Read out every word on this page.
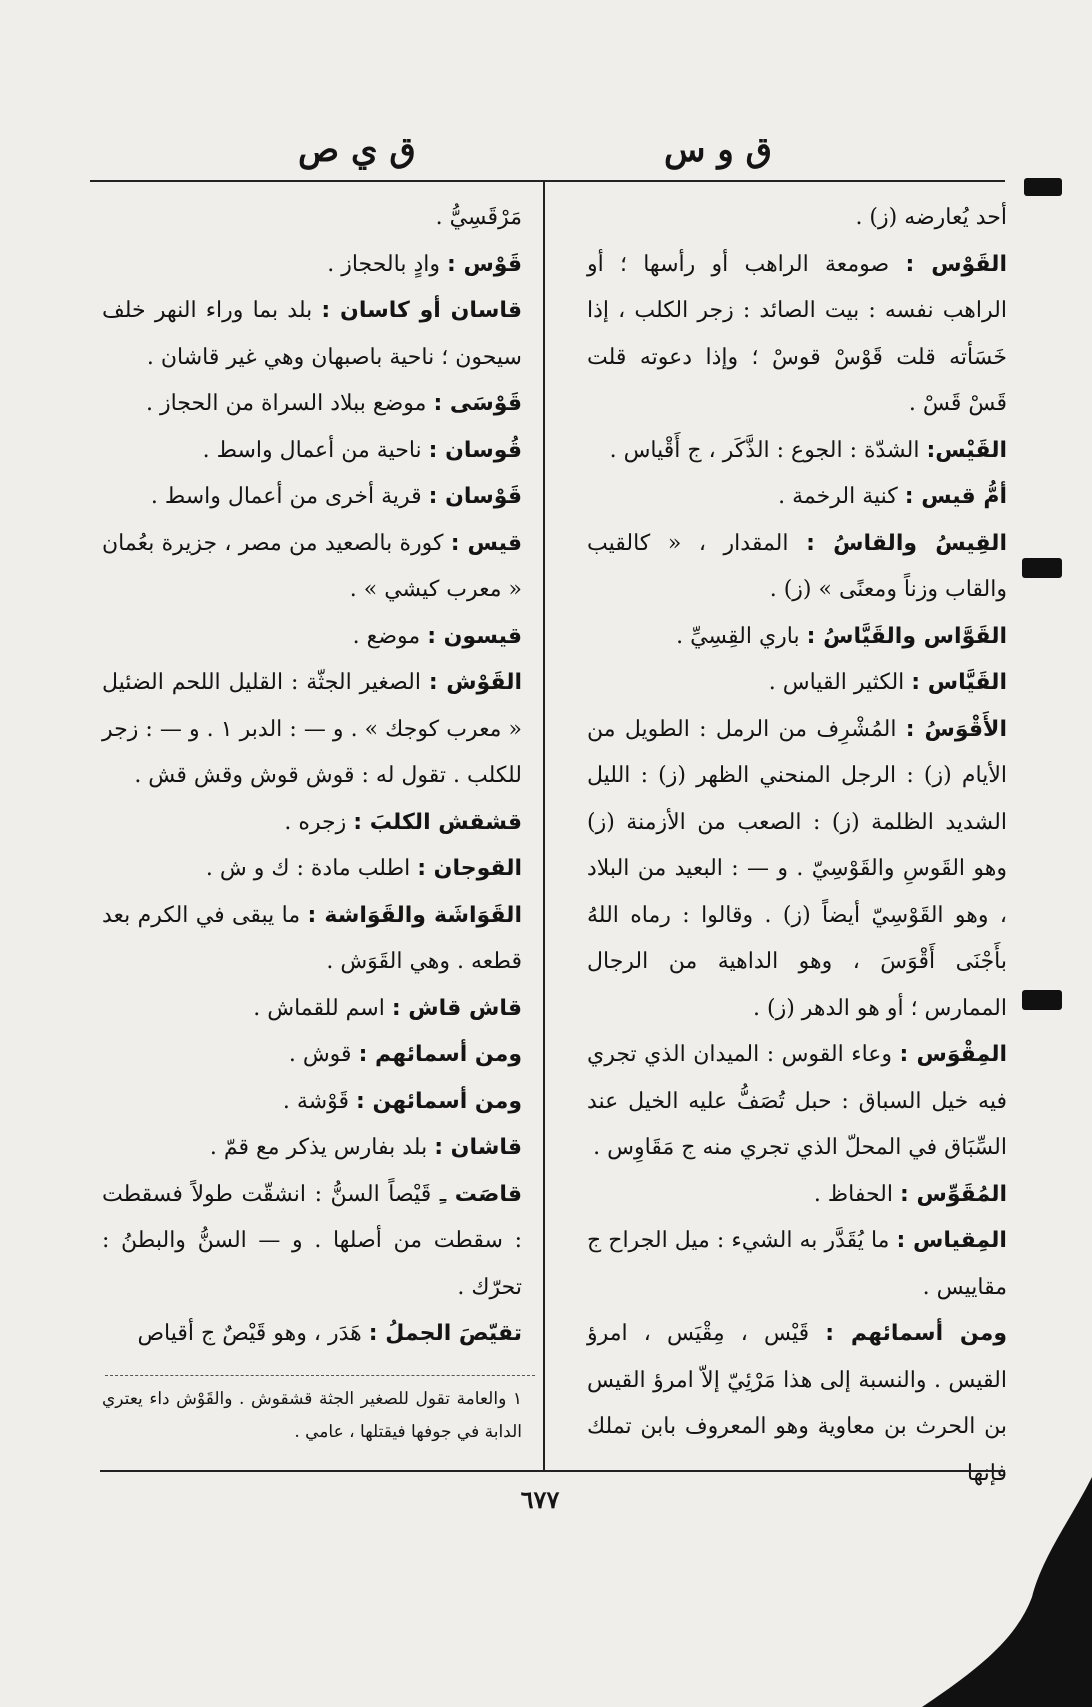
ق و س
ق ي ص

أحد يُعارضه (ز) .

القَوْس : صومعة الراهب أو رأسها ؛ أو الراهب نفسه : بيت الصائد : زجر الكلب ، إذا خَسَأته قلت قَوْسْ قوسْ ؛ وإذا دعوته قلت قَسْ قَسْ .

القَيْس: الشدّة : الجوع : الذَّكَر ، ج أَقْياس .

أمُّ قيس : كنية الرخمة .

القِيسُ والقاسُ : المقدار ، « كالقيب والقاب وزناً ومعنًى » (ز) .

القَوَّاس والقَيَّاسُ : باري القِسِيِّ .

القَيَّاس : الكثير القياس .

الأَقْوَسُ : المُشْرِف من الرمل : الطويل من الأيام (ز) : الرجل المنحني الظهر (ز) : الليل الشديد الظلمة (ز) : الصعب من الأزمنة (ز) وهو القَوسِ والقَوْسِيّ . و — : البعيد من البلاد ، وهو القَوْسِيّ أيضاً (ز) . وقالوا : رماه اللهُ بأَجْنَى أَقْوَسَ ، وهو الداهية من الرجال الممارس ؛ أو هو الدهر (ز) .

المِقْوَس : وعاء القوس : الميدان الذي تجري فيه خيل السباق : حبل تُصَفُّ عليه الخيل عند السِّبَاق في المحلّ الذي تجري منه ج مَقَاوِس .

المُقَوِّس : الحفاظ .

المِقياس : ما يُقَدَّر به الشيء : ميل الجراح ج مقاييس .

ومن أسمائهم : قَيْس ، مِقْيَس ، امرؤ القيس . والنسبة إلى هذا مَرْئِيّ إلاّ امرؤ القيس بن الحرث بن معاوية وهو المعروف بابن تملك فإنها

مَرْقَسِيُّ .

قَوْس : وادٍ بالحجاز .

قاسان أو كاسان : بلد بما وراء النهر خلف سيحون ؛ ناحية باصبهان وهي غير قاشان .

قَوْسَى : موضع ببلاد السراة من الحجاز .

قُوسان : ناحية من أعمال واسط .

قَوْسان : قرية أخرى من أعمال واسط .

قيس : كورة بالصعيد من مصر ، جزيرة بعُمان « معرب كيشي » .

قيسون : موضع .

القَوْش : الصغير الجثّة : القليل اللحم الضئيل « معرب كوجك » . و — : الدبر ١ . و — : زجر للكلب . تقول له : قوش قوش وقش قش .

قشقش الكلبَ : زجره .

القوجان : اطلب مادة : ك و ش .

القَوَاشَة والقَوَاشة : ما يبقى في الكرم بعد قطعه . وهي القَوَش .

قاش قاش : اسم للقماش .

ومن أسمائهم : قوش .

ومن أسمائهن : قَوْشة .

قاشان : بلد بفارس يذكر مع قمّ .

قاصَت ـِ قَيْصاً السنُّ : انشقّت طولاً فسقطت : سقطت من أصلها . و — السنُّ والبطنُ : تحرّك .

تقيّصَ الجملُ : هَدَر ، وهو قَيْصٌ ج أقياص

١ والعامة تقول للصغير الجثة قشقوش . والقَوْش داء يعتري الدابة في جوفها فيقتلها ، عامي .
٦٧٧
